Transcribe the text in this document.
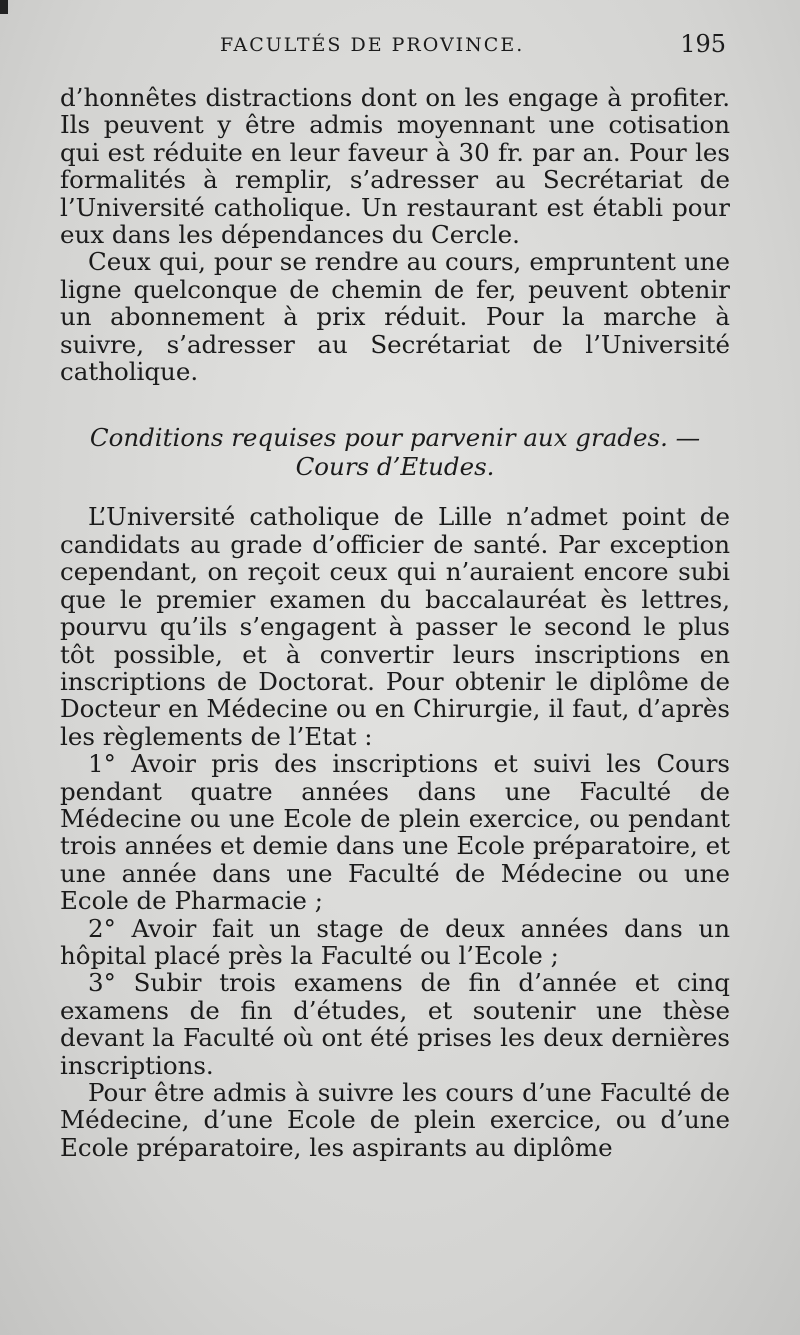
FACULTÉS DE PROVINCE.	195

d’honnêtes distractions dont on les engage à profiter. Ils peuvent y être admis moyennant une cotisation qui est réduite en leur faveur à 30 fr. par an. Pour les formalités à remplir, s’adresser au Secrétariat de l’Université catholique. Un restaurant est établi pour eux dans les dépendances du Cercle.

Ceux qui, pour se rendre au cours, empruntent une ligne quelconque de chemin de fer, peuvent obtenir un abonnement à prix réduit. Pour la marche à suivre, s’adresser au Secrétariat de l’Université catholique.

Conditions requises pour parvenir aux grades. —
Cours d’Etudes.

L’Université catholique de Lille n’admet point de candidats au grade d’officier de santé. Par exception cependant, on reçoit ceux qui n’auraient encore subi que le premier examen du baccalauréat ès lettres, pourvu qu’ils s’engagent à passer le second le plus tôt possible, et à convertir leurs inscriptions en inscriptions de Doctorat. Pour obtenir le diplôme de Docteur en Médecine ou en Chirurgie, il faut, d’après les règlements de l’Etat :

1° Avoir pris des inscriptions et suivi les Cours pendant quatre années dans une Faculté de Médecine ou une Ecole de plein exercice, ou pendant trois années et demie dans une Ecole préparatoire, et une année dans une Faculté de Médecine ou une Ecole de Pharmacie ;

2° Avoir fait un stage de deux années dans un hôpital placé près la Faculté ou l’Ecole ;

3° Subir trois examens de fin d’année et cinq examens de fin d’études, et soutenir une thèse devant la Faculté où ont été prises les deux dernières inscriptions.

Pour être admis à suivre les cours d’une Faculté de Médecine, d’une Ecole de plein exercice, ou d’une Ecole préparatoire, les aspirants au diplôme
